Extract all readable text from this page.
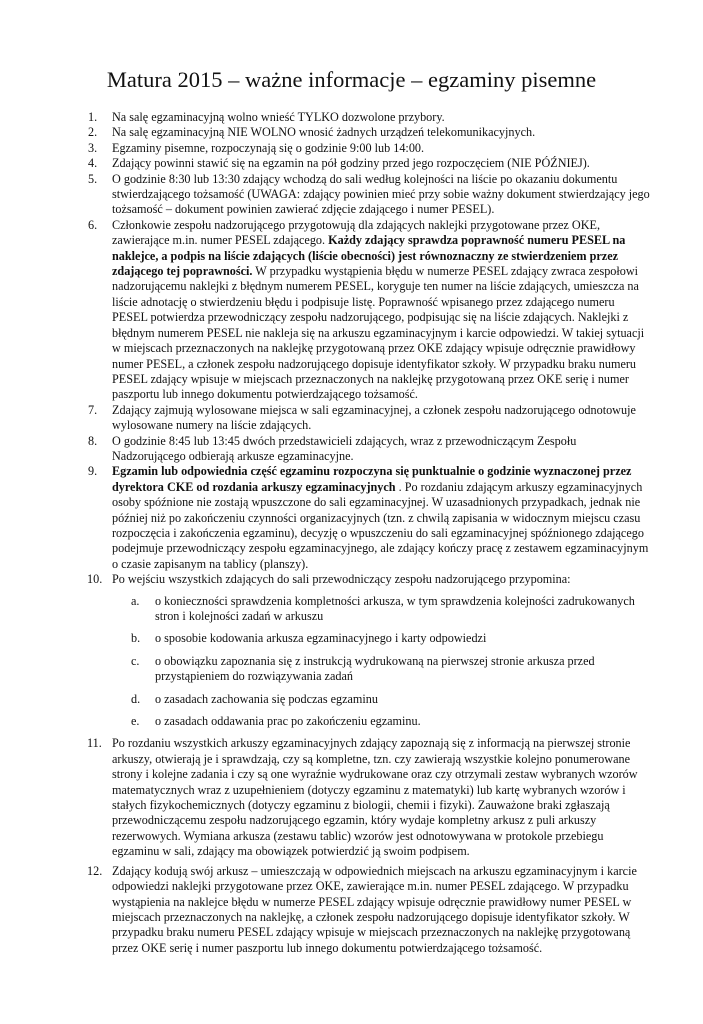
Matura 2015 – ważne informacje – egzaminy pisemne
1.	Na salę egzaminacyjną wolno wnieść TYLKO dozwolone przybory.
2.	Na salę egzaminacyjną NIE WOLNO wnosić żadnych urządzeń telekomunikacyjnych.
3.	Egzaminy pisemne, rozpoczynają się o godzinie 9:00 lub 14:00.
4.	Zdający powinni stawić się na egzamin na pół godziny przed jego rozpoczęciem (NIE PÓŹNIEJ).
5.	O godzinie 8:30 lub 13:30 zdający wchodzą do sali według kolejności na liście po okazaniu dokumentu stwierdzającego tożsamość (UWAGA: zdający powinien mieć przy sobie ważny dokument stwierdzający jego tożsamość – dokument powinien zawierać zdjęcie zdającego i numer PESEL).
6.	Członkowie zespołu nadzorującego przygotowują dla zdających naklejki przygotowane przez OKE, zawierające m.in. numer PESEL zdającego. Każdy zdający sprawdza poprawność numeru PESEL na naklejce, a podpis na liście zdających (liście obecności) jest równoznaczny ze stwierdzeniem przez zdającego tej poprawności. W przypadku wystąpienia błędu w numerze PESEL zdający zwraca zespołowi nadzorującemu naklejki z błędnym numerem PESEL, koryguje ten numer na liście zdających, umieszcza na liście adnotację o stwierdzeniu błędu i podpisuje listę. Poprawność wpisanego przez zdającego numeru PESEL potwierdza przewodniczący zespołu nadzorującego, podpisując się na liście zdających. Naklejki z błędnym numerem PESEL nie nakleja się na arkuszu egzaminacyjnym i karcie odpowiedzi. W takiej sytuacji w miejscach przeznaczonych na naklejkę przygotowaną przez OKE zdający wpisuje odręcznie prawidłowy numer PESEL, a członek zespołu nadzorującego dopisuje identyfikator szkoły. W przypadku braku numeru PESEL zdający wpisuje w miejscach przeznaczonych na naklejkę przygotowaną przez OKE serię i numer paszportu lub innego dokumentu potwierdzającego tożsamość.
7.	Zdający zajmują wylosowane miejsca w sali egzaminacyjnej, a członek zespołu nadzorującego odnotowuje wylosowane numery na liście zdających.
8.	O godzinie 8:45 lub 13:45 dwóch przedstawicieli zdających, wraz z przewodniczącym Zespołu Nadzorującego odbierają arkusze egzaminacyjne.
9.	Egzamin lub odpowiednia część egzaminu rozpoczyna się punktualnie o godzinie wyznaczonej przez dyrektora CKE od rozdania arkuszy egzaminacyjnych . Po rozdaniu zdającym arkuszy egzaminacyjnych osoby spóźnione nie zostają wpuszczone do sali egzaminacyjnej. W uzasadnionych przypadkach, jednak nie później niż po zakończeniu czynności organizacyjnych (tzn. z chwilą zapisania w widocznym miejscu czasu rozpoczęcia i zakończenia egzaminu), decyzję o wpuszczeniu do sali egzaminacyjnej spóźnionego zdającego podejmuje przewodniczący zespołu egzaminacyjnego, ale zdający kończy pracę z zestawem egzaminacyjnym o czasie zapisanym na tablicy (planszy).
10. Po wejściu wszystkich zdających do sali przewodniczący zespołu nadzorującego przypomina:
a. o konieczności sprawdzenia kompletności arkusza, w tym sprawdzenia kolejności zadrukowanych stron i kolejności zadań w arkuszu
b. o sposobie kodowania arkusza egzaminacyjnego i karty odpowiedzi
c. o obowiązku zapoznania się z instrukcją wydrukowaną na pierwszej stronie arkusza przed przystąpieniem do rozwiązywania zadań
d. o zasadach zachowania się podczas egzaminu
e. o zasadach oddawania prac po zakończeniu egzaminu.
11. Po rozdaniu wszystkich arkuszy egzaminacyjnych zdający zapoznają się z informacją na pierwszej stronie arkuszy, otwierają je i sprawdzają, czy są kompletne, tzn. czy zawierają wszystkie kolejno ponumerowane strony i kolejne zadania i czy są one wyraźnie wydrukowane oraz czy otrzymali zestaw wybranych wzorów matematycznych wraz z uzupełnieniem (dotyczy egzaminu z matematyki) lub kartę wybranych wzorów i stałych fizykochemicznych (dotyczy egzaminu z biologii, chemii i fizyki). Zauważone braki zgłaszają przewodniczącemu zespołu nadzorującego egzamin, który wydaje kompletny arkusz z puli arkuszy rezerwowych. Wymiana arkusza (zestawu tablic) wzorów jest odnotowywana w protokole przebiegu egzaminu w sali, zdający ma obowiązek potwierdzić ją swoim podpisem.
12. Zdający kodują swój arkusz – umieszczają w odpowiednich miejscach na arkuszu egzaminacyjnym i karcie odpowiedzi naklejki przygotowane przez OKE, zawierające m.in. numer PESEL zdającego. W przypadku wystąpienia na naklejce błędu w numerze PESEL zdający wpisuje odręcznie prawidłowy numer PESEL w miejscach przeznaczonych na naklejkę, a członek zespołu nadzorującego dopisuje identyfikator szkoły. W przypadku braku numeru PESEL zdający wpisuje w miejscach przeznaczonych na naklejkę przygotowaną przez OKE serię i numer paszportu lub innego dokumentu potwierdzającego tożsamość.
